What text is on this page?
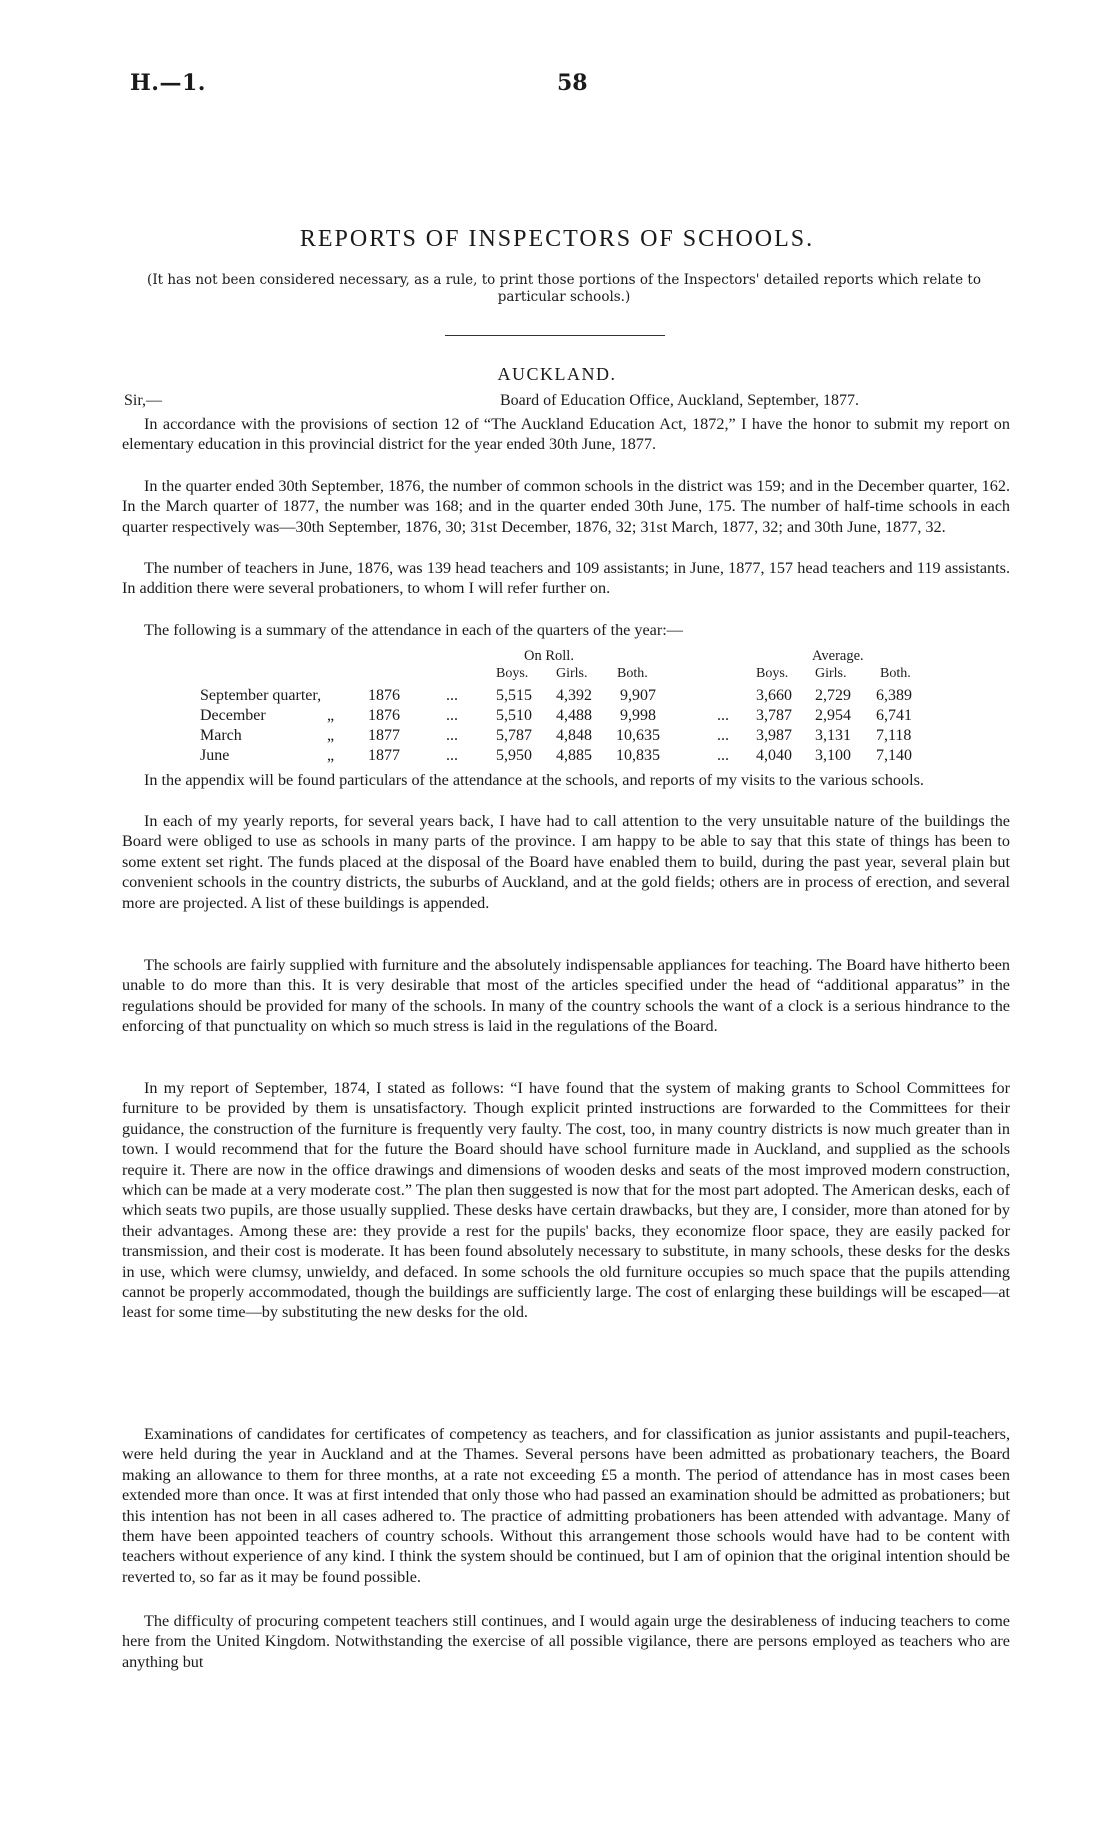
H.—1.	58
REPORTS OF INSPECTORS OF SCHOOLS.
(It has not been considered necessary, as a rule, to print those portions of the Inspectors' detailed reports which relate to particular schools.)
AUCKLAND.
Sir,—	Board of Education Office, Auckland, September, 1877.

In accordance with the provisions of section 12 of “The Auckland Education Act, 1872,” I have the honor to submit my report on elementary education in this provincial district for the year ended 30th June, 1877.

In the quarter ended 30th September, 1876, the number of common schools in the district was 159; and in the December quarter, 162. In the March quarter of 1877, the number was 168; and in the quarter ended 30th June, 175. The number of half-time schools in each quarter respectively was—30th September, 1876, 30; 31st December, 1876, 32; 31st March, 1877, 32; and 30th June, 1877, 32.

The number of teachers in June, 1876, was 139 head teachers and 109 assistants; in June, 1877, 157 head teachers and 119 assistants. In addition there were several probationers, to whom I will refer further on.

The following is a summary of the attendance in each of the quarters of the year:—

On Roll.	Average.
Boys. Girls. Both.	Boys. Girls. Both.
September quarter,	1876	... 5,515 4,392 9,907	3,660 2,729 6,389
December	„ 1876	... 5,510 4,488 9,998	... 3,787 2,954 6,741
March	„ 1877	... 5,787 4,848 10,635	... 3,987 3,131 7,118
June	„ 1877	... 5,950 4,885 10,835	... 4,040 3,100 7,140

In the appendix will be found particulars of the attendance at the schools, and reports of my visits to the various schools.

In each of my yearly reports, for several years back, I have had to call attention to the very unsuitable nature of the buildings the Board were obliged to use as schools in many parts of the province. I am happy to be able to say that this state of things has been to some extent set right. The funds placed at the disposal of the Board have enabled them to build, during the past year, several plain but convenient schools in the country districts, the suburbs of Auckland, and at the gold fields; others are in process of erection, and several more are projected. A list of these buildings is appended.

The schools are fairly supplied with furniture and the absolutely indispensable appliances for teaching. The Board have hitherto been unable to do more than this. It is very desirable that most of the articles specified under the head of “additional apparatus” in the regulations should be provided for many of the schools. In many of the country schools the want of a clock is a serious hindrance to the enforcing of that punctuality on which so much stress is laid in the regulations of the Board.

In my report of September, 1874, I stated as follows: “I have found that the system of making grants to School Committees for furniture to be provided by them is unsatisfactory. Though explicit printed instructions are forwarded to the Committees for their guidance, the construction of the furniture is frequently very faulty. The cost, too, in many country districts is now much greater than in town. I would recommend that for the future the Board should have school furniture made in Auckland, and supplied as the schools require it. There are now in the office drawings and dimensions of wooden desks and seats of the most improved modern construction, which can be made at a very moderate cost.” The plan then suggested is now that for the most part adopted. The American desks, each of which seats two pupils, are those usually supplied. These desks have certain drawbacks, but they are, I consider, more than atoned for by their advantages. Among these are: they provide a rest for the pupils' backs, they economize floor space, they are easily packed for transmission, and their cost is moderate. It has been found absolutely necessary to substitute, in many schools, these desks for the desks in use, which were clumsy, unwieldy, and defaced. In some schools the old furniture occupies so much space that the pupils attending cannot be properly accommodated, though the buildings are sufficiently large. The cost of enlarging these buildings will be escaped—at least for some time—by substituting the new desks for the old.

Examinations of candidates for certificates of competency as teachers, and for classification as junior assistants and pupil-teachers, were held during the year in Auckland and at the Thames. Several persons have been admitted as probationary teachers, the Board making an allowance to them for three months, at a rate not exceeding £5 a month. The period of attendance has in most cases been extended more than once. It was at first intended that only those who had passed an examination should be admitted as probationers; but this intention has not been in all cases adhered to. The practice of admitting probationers has been attended with advantage. Many of them have been appointed teachers of country schools. Without this arrangement those schools would have had to be content with teachers without experience of any kind. I think the system should be continued, but I am of opinion that the original intention should be reverted to, so far as it may be found possible.

The difficulty of procuring competent teachers still continues, and I would again urge the desirableness of inducing teachers to come here from the United Kingdom. Notwithstanding the exercise of all possible vigilance, there are persons employed as teachers who are anything but
